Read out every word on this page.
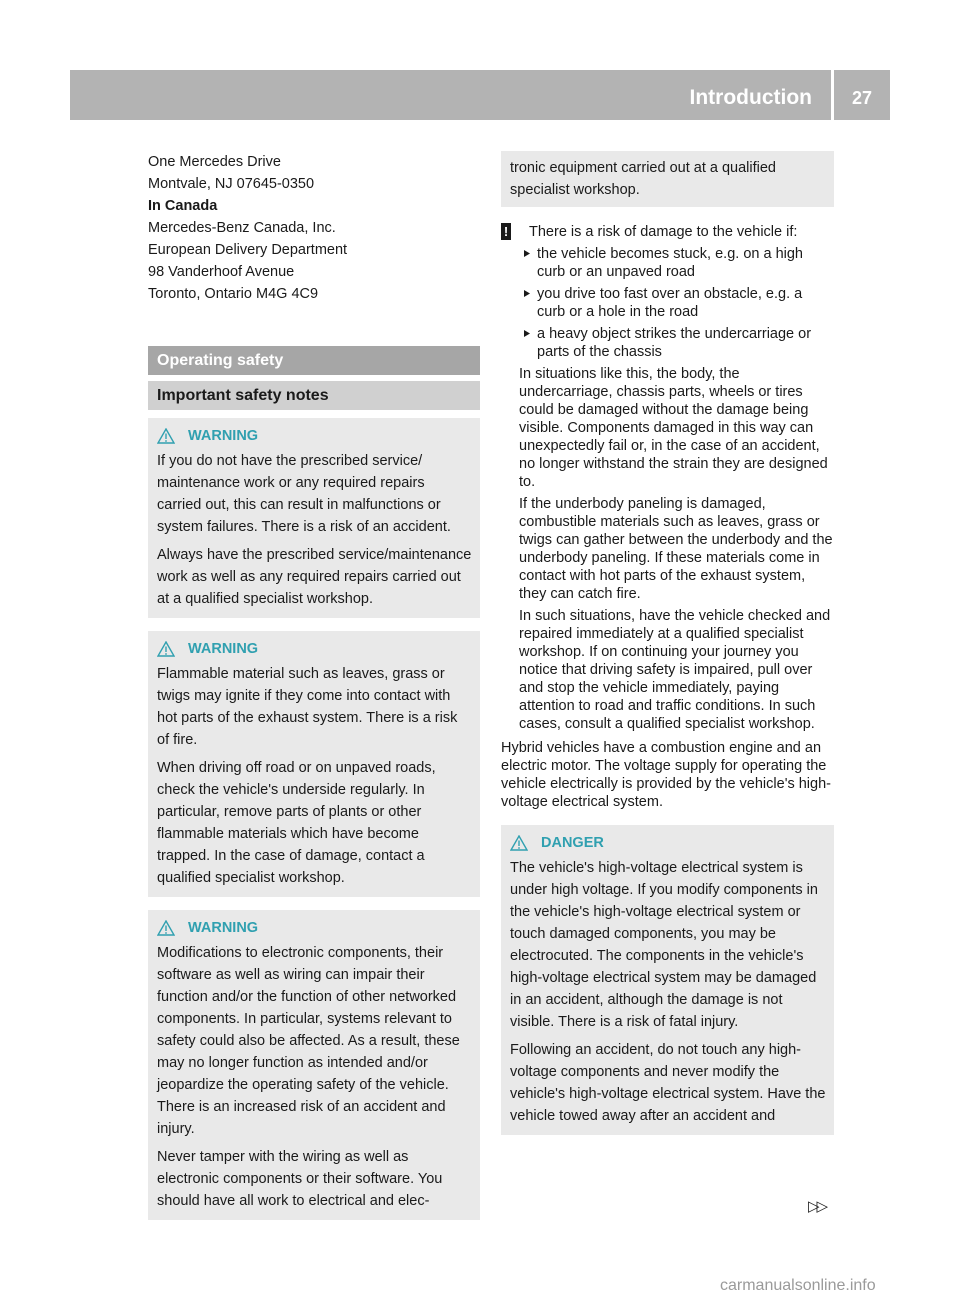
Introduction	27

One Mercedes Drive

Montvale, NJ 07645-0350

In Canada

Mercedes-Benz Canada, Inc.

European Delivery Department

98 Vanderhoof Avenue

Toronto, Ontario M4G 4C9

Operating safety
Important safety notes
WARNING

If you do not have the prescribed service/ maintenance work or any required repairs carried out, this can result in malfunctions or system failures. There is a risk of an accident.

Always have the prescribed service/maintenance work as well as any required repairs carried out at a qualified specialist workshop.

WARNING

Flammable material such as leaves, grass or twigs may ignite if they come into contact with hot parts of the exhaust system. There is a risk of fire.

When driving off road or on unpaved roads, check the vehicle's underside regularly. In particular, remove parts of plants or other flammable materials which have become trapped. In the case of damage, contact a qualified specialist workshop.

WARNING

Modifications to electronic components, their software as well as wiring can impair their function and/or the function of other networked components. In particular, systems relevant to safety could also be affected. As a result, these may no longer function as intended and/or jeopardize the operating safety of the vehicle. There is an increased risk of an accident and injury.

Never tamper with the wiring as well as electronic components or their software. You should have all work to electrical and elec-

tronic equipment carried out at a qualified specialist workshop.

! There is a risk of damage to the vehicle if:

the vehicle becomes stuck, e.g. on a high curb or an unpaved road
you drive too fast over an obstacle, e.g. a curb or a hole in the road
a heavy object strikes the undercarriage or parts of the chassis

In situations like this, the body, the undercarriage, chassis parts, wheels or tires could be damaged without the damage being visible. Components damaged in this way can unexpectedly fail or, in the case of an accident, no longer withstand the strain they are designed to.

If the underbody paneling is damaged, combustible materials such as leaves, grass or twigs can gather between the underbody and the underbody paneling. If these materials come in contact with hot parts of the exhaust system, they can catch fire.

In such situations, have the vehicle checked and repaired immediately at a qualified specialist workshop. If on continuing your journey you notice that driving safety is impaired, pull over and stop the vehicle immediately, paying attention to road and traffic conditions. In such cases, consult a qualified specialist workshop.

Hybrid vehicles have a combustion engine and an electric motor. The voltage supply for operating the vehicle electrically is provided by the vehicle's high-voltage electrical system.

DANGER

The vehicle's high-voltage electrical system is under high voltage. If you modify components in the vehicle's high-voltage electrical system or touch damaged components, you may be electrocuted. The components in the vehicle's high-voltage electrical system may be damaged in an accident, although the damage is not visible. There is a risk of fatal injury.

Following an accident, do not touch any high-voltage components and never modify the vehicle's high-voltage electrical system. Have the vehicle towed away after an accident and

▷▷
carmanualsonline.info
